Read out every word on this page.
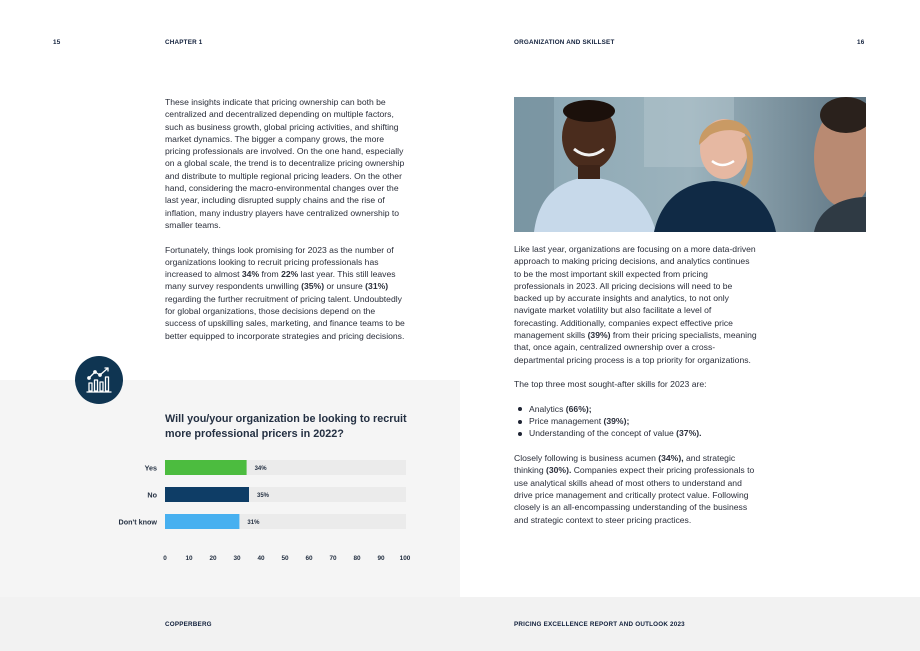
15	CHAPTER 1	ORGANIZATION AND SKILLSET	16

These insights indicate that pricing ownership can both be centralized and decentralized depending on multiple factors, such as business growth, global pricing activities, and shifting market dynamics. The bigger a company grows, the more pricing professionals are involved. On the one hand, especially on a global scale, the trend is to decentralize pricing ownership and distribute to multiple regional pricing leaders. On the other hand, considering the macro-environmental changes over the last year, including disrupted supply chains and the rise of inflation, many industry players have centralized ownership to smaller teams.

Fortunately, things look promising for 2023 as the number of organizations looking to recruit pricing professionals has increased to almost 34% from 22% last year. This still leaves many survey respondents unwilling (35%) or unsure (31%) regarding the further recruitment of pricing talent. Undoubtedly for global organizations, those decisions depend on the success of upskilling sales, marketing, and finance teams to be better equipped to incorporate strategies and pricing decisions.

Will you/your organization be looking to recruit more professional pricers in 2022?
Yes	34%
No	35%
Don't know	31%
0	10	20	30	40	50	60	70	80	90 100

Like last year, organizations are focusing on a more data-driven approach to making pricing decisions, and analytics continues to be the most important skill expected from pricing professionals in 2023. All pricing decisions will need to be backed up by accurate insights and analytics, to not only navigate market volatility but also facilitate a level of forecasting. Additionally, companies expect effective price management skills (39%) from their pricing specialists, meaning that, once again, centralized ownership over a cross-departmental pricing process is a top priority for organizations.

The top three most sought-after skills for 2023 are:

Analytics (66%);
Price management (39%);
Understanding of the concept of value (37%).

Closely following is business acumen (34%), and strategic thinking (30%). Companies expect their pricing professionals to use analytical skills ahead of most others to understand and drive price management and critically protect value. Following closely is an all-encompassing understanding of the business and strategic context to steer pricing practices.

COPPERBERG	PRICING EXCELLENCE REPORT AND OUTLOOK 2023
